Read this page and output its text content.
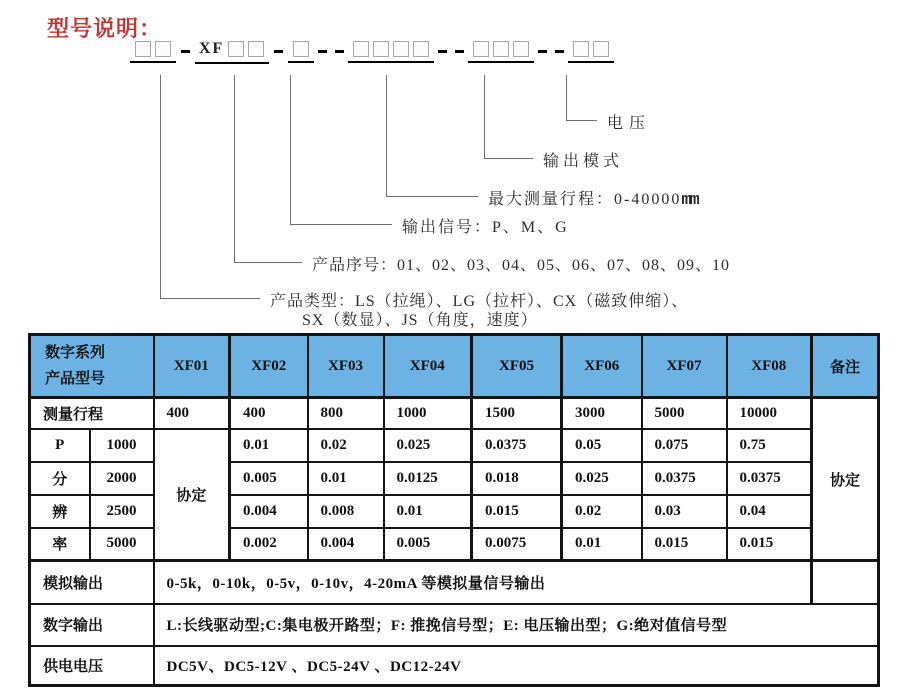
型号说明：
XF
电压
输出模式
最大测量行程：0-40000mm
输出信号：P、M、G
产品序号：01、02、03、04、05、06、07、08、09、10
产品类型：LS（拉绳）、LG（拉杆）、CX（磁致伸缩）、
SX（数显）、JS（角度，速度）
数字系列
产品型号		XF01	XF02	XF03	XF04	XF05	XF06	XF07	XF08	备注
测量行程		400	400	800	1000	1500	3000	5000	10000	协定
P	1000	协定	0.01	0.02	0.025	0.0375	0.05	0.075	0.75	
分	2000		0.005	0.01	0.0125	0.018	0.025	0.0375	0.0375	
辨	2500		0.004	0.008	0.01	0.015	0.02	0.03	0.04	
率	5000		0.002	0.004	0.005	0.0075	0.01	0.015	0.015	
模拟输出		0-5k，0-10k，0-5v，0-10v，4-20mA 等模拟量信号输出								
数字输出		L:长线驱动型;C:集电极开路型；F: 推挽信号型；E: 电压输出型；G:绝对值信号型								
供电电压		DC5V、DC5-12V 、DC5-24V 、DC12-24V								
